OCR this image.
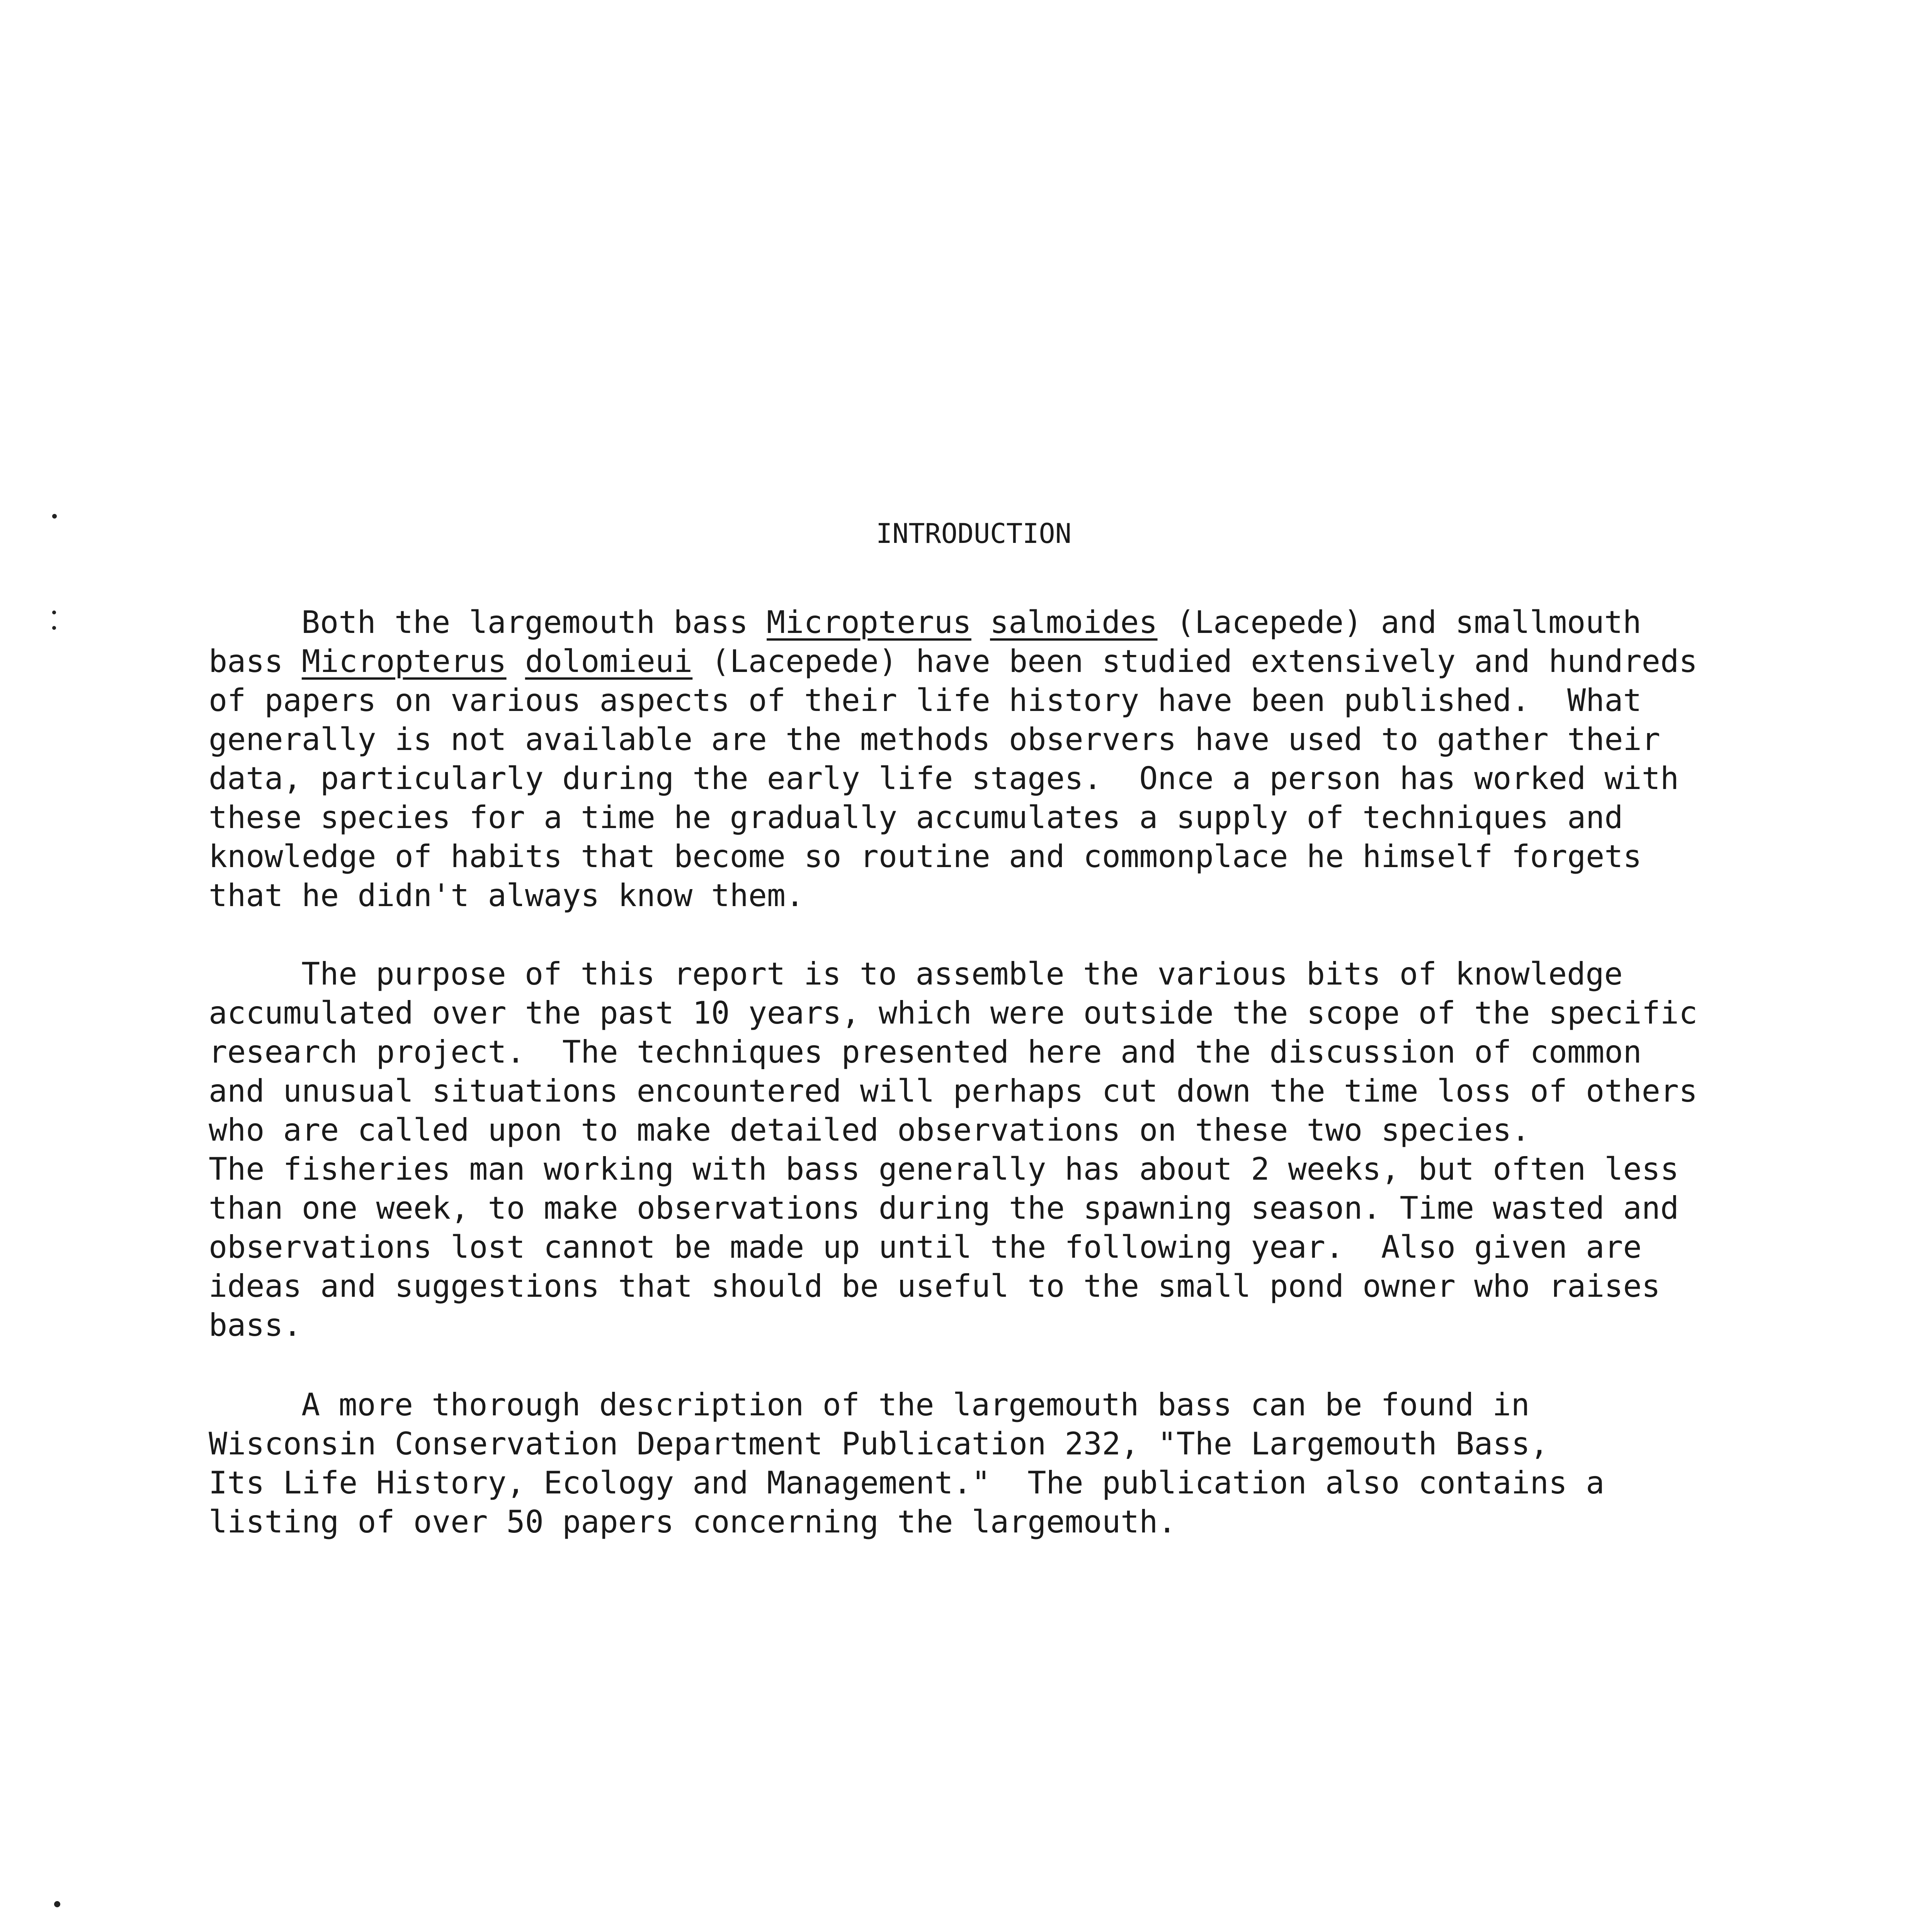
INTRODUCTION
Both the largemouth bass Micropterus salmoides (Lacepede) and smallmouth
bass Micropterus dolomieui (Lacepede) have been studied extensively and hundreds
of papers on various aspects of their life history have been published.  What
generally is not available are the methods observers have used to gather their
data, particularly during the early life stages.  Once a person has worked with
these species for a time he gradually accumulates a supply of techniques and
knowledge of habits that become so routine and commonplace he himself forgets
that he didn't always know them.
The purpose of this report is to assemble the various bits of knowledge
accumulated over the past 10 years, which were outside the scope of the specific
research project.  The techniques presented here and the discussion of common
and unusual situations encountered will perhaps cut down the time loss of others
who are called upon to make detailed observations on these two species.
The fisheries man working with bass generally has about 2 weeks, but often less
than one week, to make observations during the spawning season. Time wasted and
observations lost cannot be made up until the following year.  Also given are
ideas and suggestions that should be useful to the small pond owner who raises
bass.
A more thorough description of the largemouth bass can be found in
Wisconsin Conservation Department Publication 232, "The Largemouth Bass,
Its Life History, Ecology and Management."  The publication also contains a
listing of over 50 papers concerning the largemouth.
